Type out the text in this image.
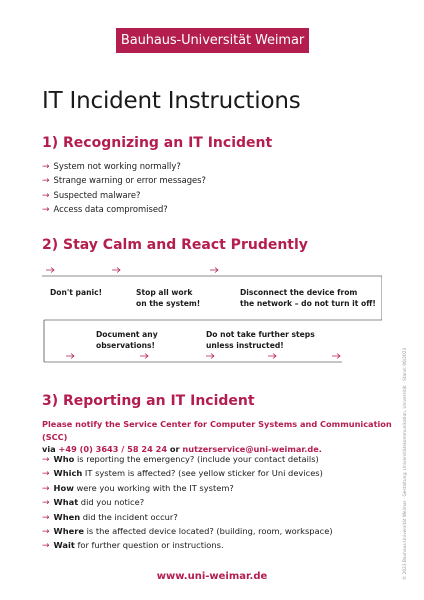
Bauhaus-Universität Weimar
IT Incident Instructions
1) Recognizing an IT Incident
→ System not working normally?
→ Strange warning or error messages?
→ Suspected malware?
→ Access data compromised?
2) Stay Calm and React Prudently
Don't panic!	Stop all work
on the system!
Disconnect the device from
the network – do not turn it off!
Document any
observations!
Do not take further steps
unless instructed!
3) Reporting an IT Incident
Please notify the Service Center for Computer Systems and Communication (SCC)
via +49 (0) 3643 / 58 24 24 or nutzerservice@uni-weimar.de.
→ Who is reporting the emergency? (include your contact details)
→ Which IT system is affected? (see yellow sticker for Uni devices)
→ How were you working with the IT system?
→ What did you notice?
→ When did the incident occur?
→ Where is the affected device located? (building, room, workspace)
→ Wait for further question or instructions.
www.uni-weimar.de	© 2023 Bauhaus-Universität Weimar · Gestaltung: Universitätskommunikation, Universität · Stand: 06/2023
